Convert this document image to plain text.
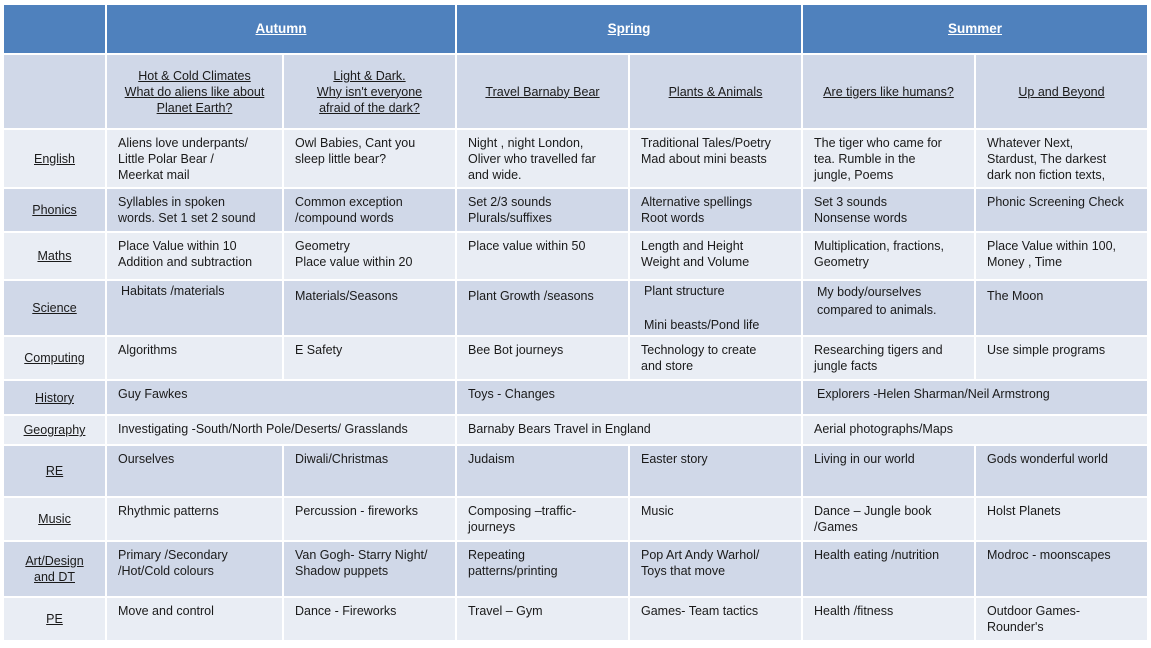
	Autumn		Spring		Summer	
	Hot & Cold Climates
What do aliens like about
Planet Earth?	Light & Dark.
Why isn't everyone
afraid of the dark?	Travel Barnaby Bear	Plants & Animals	Are tigers like humans?	Up and Beyond
English	Aliens love underpants/
Little Polar Bear /
Meerkat mail	Owl Babies, Cant you
sleep little bear?	Night , night London,
Oliver who travelled far
and wide.	Traditional Tales/Poetry
Mad about mini beasts	The tiger who came for
tea. Rumble in the
jungle, Poems	Whatever Next,
Stardust, The darkest
dark non fiction texts,
Phonics	Syllables in spoken
words. Set 1 set 2 sound	Common exception
/compound words	Set 2/3 sounds
Plurals/suffixes	Alternative spellings
Root words	Set 3 sounds
Nonsense words	Phonic Screening Check
Maths	Place Value within 10
Addition and subtraction	Geometry
Place value within 20	Place value within 50	Length and Height
Weight and Volume	Multiplication, fractions,
Geometry	Place Value within 100,
Money , Time
Science	Habitats /materials	Materials/Seasons	Plant Growth /seasons	Plant structure

Mini beasts/Pond life	My body/ourselves
compared to animals.	The Moon
Computing	Algorithms	E Safety	Bee Bot journeys	Technology to create
and store	Researching tigers and
jungle facts	Use simple programs
History	Guy Fawkes		Toys - Changes		Explorers -Helen Sharman/Neil Armstrong	
Geography	Investigating -South/North Pole/Deserts/ Grasslands		Barnaby Bears Travel in England		Aerial photographs/Maps	
RE	Ourselves	Diwali/Christmas	Judaism	Easter story	Living in our world	Gods wonderful world
Music	Rhythmic patterns	Percussion - fireworks	Composing –traffic-
journeys	Music	Dance – Jungle book
/Games	Holst Planets
Art/Design
and DT	Primary /Secondary
/Hot/Cold colours	Van Gogh- Starry Night/
Shadow puppets	Repeating
patterns/printing	Pop Art Andy Warhol/
Toys that move	Health eating /nutrition	Modroc - moonscapes
PE	Move and control	Dance - Fireworks	Travel – Gym	Games- Team tactics	Health /fitness	Outdoor Games-
Rounder's
